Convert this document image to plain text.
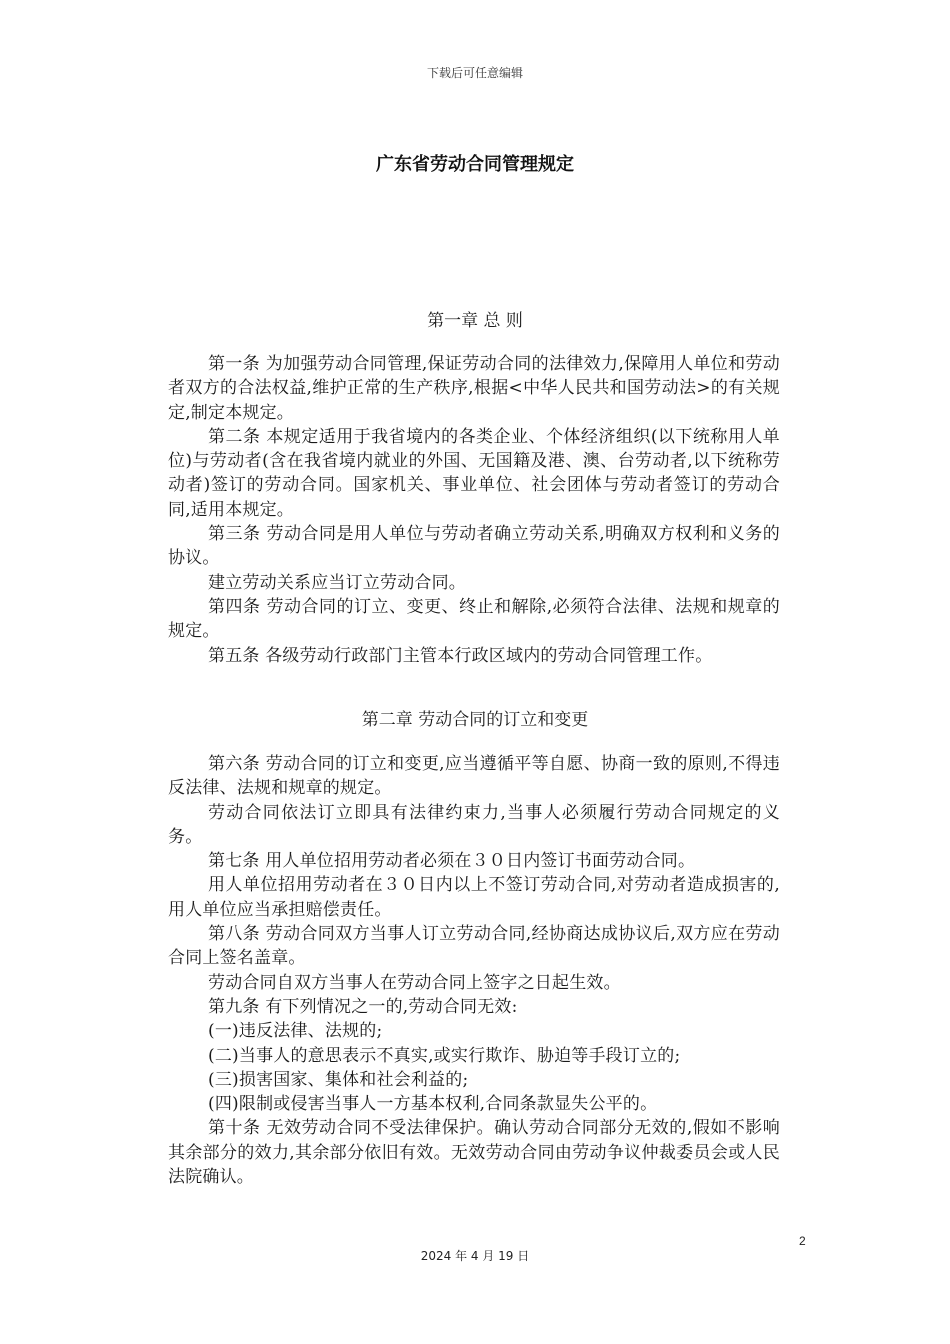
下载后可任意编辑
广东省劳动合同管理规定
第一章 总 则

第一条 为加强劳动合同管理,保证劳动合同的法律效力,保障用人单位和劳动者双方的合法权益,维护正常的生产秩序,根据<中华人民共和国劳动法>的有关规定,制定本规定。

第二条 本规定适用于我省境内的各类企业、个体经济组织(以下统称用人单位)与劳动者(含在我省境内就业的外国、无国籍及港、澳、台劳动者,以下统称劳动者)签订的劳动合同。国家机关、事业单位、社会团体与劳动者签订的劳动合同,适用本规定。

第三条 劳动合同是用人单位与劳动者确立劳动关系,明确双方权利和义务的协议。

建立劳动关系应当订立劳动合同。

第四条 劳动合同的订立、变更、终止和解除,必须符合法律、法规和规章的规定。

第五条 各级劳动行政部门主管本行政区域内的劳动合同管理工作。

第二章 劳动合同的订立和变更

第六条 劳动合同的订立和变更,应当遵循平等自愿、协商一致的原则,不得违反法律、法规和规章的规定。

劳动合同依法订立即具有法律约束力,当事人必须履行劳动合同规定的义务。

第七条 用人单位招用劳动者必须在３０日内签订书面劳动合同。

用人单位招用劳动者在３０日内以上不签订劳动合同,对劳动者造成损害的,用人单位应当承担赔偿责任。

第八条 劳动合同双方当事人订立劳动合同,经协商达成协议后,双方应在劳动合同上签名盖章。

劳动合同自双方当事人在劳动合同上签字之日起生效。

第九条 有下列情况之一的,劳动合同无效:

(一)违反法律、法规的;

(二)当事人的意思表示不真实,或实行欺诈、胁迫等手段订立的;

(三)损害国家、集体和社会利益的;

(四)限制或侵害当事人一方基本权利,合同条款显失公平的。

第十条 无效劳动合同不受法律保护。确认劳动合同部分无效的,假如不影响其余部分的效力,其余部分依旧有效。无效劳动合同由劳动争议仲裁委员会或人民法院确认。

2
2024 年 4 月 19 日
